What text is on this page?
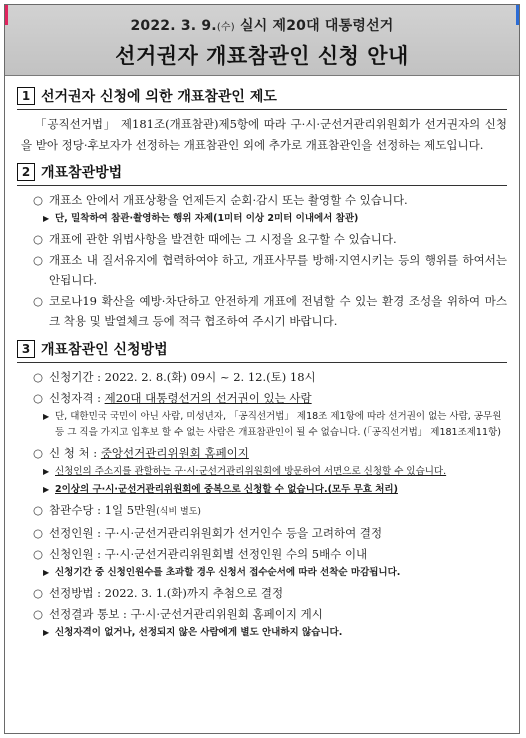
2022. 3. 9.(수) 실시 제20대 대통령선거
선거권자 개표참관인 신청 안내
1 선거권자 신청에 의한 개표참관인 제도
「공직선거법」 제181조(개표참관)제5항에 따라 구·시·군선거관리위원회가 선거권자의 신청을 받아 정당·후보자가 선정하는 개표참관인 외에 추가로 개표참관인을 선정하는 제도입니다.
2 개표참관방법
○ 개표소 안에서 개표상황을 언제든지 순회·감시 또는 촬영할 수 있습니다.
▶ 단, 밀착하여 참관·촬영하는 행위 자제(1미터 이상 2미터 이내에서 참관)
○ 개표에 관한 위법사항을 발견한 때에는 그 시정을 요구할 수 있습니다.
○ 개표소 내 질서유지에 협력하여야 하고, 개표사무를 방해·지연시키는 등의 행위를 하여서는 안됩니다.
○ 코로나19 확산을 예방·차단하고 안전하게 개표에 전념할 수 있는 환경 조성을 위하여 마스크 착용 및 발열체크 등에 적극 협조하여 주시기 바랍니다.
3 개표참관인 신청방법
○ 신청기간 : 2022. 2. 8.(화) 09시 ~ 2. 12.(토) 18시
○ 신청자격 : 제20대 대통령선거의 선거권이 있는 사람
▶ 단, 대한민국 국민이 아닌 사람, 미성년자, 「공직선거법」 제18조 제1항에 따라 선거권이 없는 사람, 공무원 등 그 직을 가지고 입후보 할 수 없는 사람은 개표참관인이 될 수 없습니다. (「공직선거법」 제181조제11항)
○ 신 청 처 : 중앙선거관리위원회 홈페이지
▶ 신청인의 주소지를 관할하는 구·시·군선거관리위원회에 방문하여 서면으로 신청할 수 있습니다.
▶ 2이상의 구·시·군선거관리위원회에 중복으로 신청할 수 없습니다.(모두 무효 처리)
○ 참관수당 : 1일 5만원(식비 별도)
○ 선정인원 : 구·시·군선거관리위원회가 선거인수 등을 고려하여 결정
○ 신청인원 : 구·시·군선거관리위원회별 선정인원 수의 5배수 이내
▶ 신청기간 중 신청인원수를 초과할 경우 신청서 접수순서에 따라 선착순 마감됩니다.
○ 선정방법 : 2022. 3. 1.(화)까지 추첨으로 결정
○ 선정결과 통보 : 구·시·군선거관리위원회 홈페이지 게시
▶ 신청자격이 없거나, 선정되지 않은 사람에게 별도 안내하지 않습니다.
